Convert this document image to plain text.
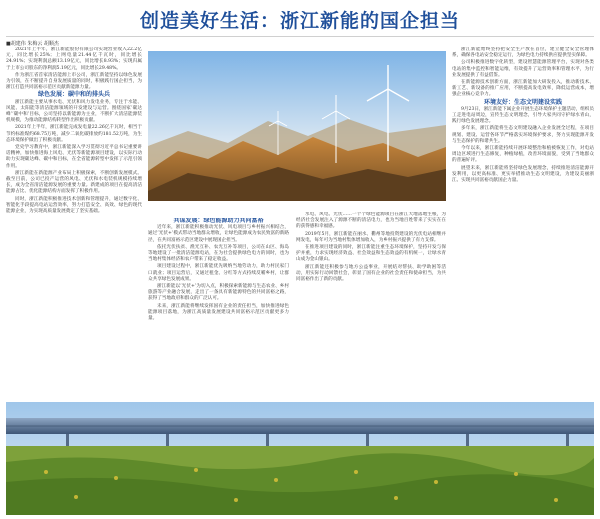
创造美好生活：浙江新能的国企担当
■胡建伟 朱梅云 胡顺杰

2021年上半年，浙江新能股份有限公司实现营业收入22.2亿元，同比增长25%；上网电量21.44亿千瓦时，同比增长24.91%；实现利润总额13.19亿元，同比增长8.93%；实现归属于上市公司股东的净利润5.19亿元，同比增长29.48%。

作为浙江省首家清洁能源上市公司，浙江新能坚持以绿色发展为引领，在不断提升自身发展质量的同时，积极践行国企担当，为浙江打造共同富裕示范区贡献新能源力量。

绿色发展：碳中和的排头兵

浙江新能主要从事水电、光伏和风力发电业务，专注于水能、风能、太阳能等清洁能源领域的开发建设与运营。围绕国家‘碳达峰’‘碳中和’目标，公司坚持以新能源为主业，不断扩大清洁能源装机规模，为推动能源结构转型作出积极贡献。

2021年上半年，浙江新能完成发电量22.26亿千瓦时，相当于节约标准煤约68.75万吨，减少二氧化碳排放约181.52万吨，为生态环境保护做出了积极贡献。

党史学习教育中，浙江新能深入学习贯彻习近平总书记重要讲话精神，加快推进海上风电、光伏等新能源项目建设，以实际行动助力实现碳达峰、碳中和目标，在全省能源转型中发挥了示范引领作用。

浙江新能在新能源产业布局上积极探索，不断创新发展模式。截至目前，公司已投产运营的风电、光伏和水电装机规模持续增长，成为全省清洁能源发展的重要力量。新建成的项目在提高清洁能源占比、优化能源结构方面发挥了积极作用。

同时，浙江新能积极推进技术创新和管理提升，通过数字化、智能化手段提高电站运营效率，努力打造安全、高效、绿色的现代能源企业，为实现高质量发展奠定了坚实基础。

共谋发展：绿色能源助力共同富裕

近年来，浙江新能积极推动光伏、风电项目与乡村振兴相结合，通过‘光伏+’模式带动当地群众增收，让绿色能源成为农民致富的新路径，在共同富裕示范区建设中展现国企担当。

依托光伏扶贫、渔光互补、农光互补等项目，公司在山区、海岛等地建设了一批清洁能源电站，在为社会提供绿色电力的同时，也为当地村集体经济和农户带来了稳定收益。

项目建设过程中，浙江新能优先吸纳当地劳动力，助力村民家门口就业；项目运营后，又通过租金、分红等方式持续反哺乡村，让群众共享绿色发展成果。

浙江新能以‘光伏+’为切入点，积极探索新能源与生态农业、乡村旅游等产业融合发展，走出了一条具有新能源特色的共同富裕之路，获得了当地政府和群众的广泛认可。

未来，浙江新能将继续发挥国有企业的责任担当，加快推进绿色能源项目落地，为浙江高质量发展建设共同富裕示范区贡献更多力量。

水电、风电、光伏……一个个绿色能源项目在浙江大地落地生根，为经济社会发展注入了源源不断的清洁电力，也为当地百姓带来了实实在在的获得感和幸福感。

2019年5月，浙江新能在丽水、衢州等地投资建设的光伏电站相继并网发电，每年可为当地村集体增加收入，为乡村振兴提供了有力支撑。

在推进项目建设的同时，浙江新能注重生态环境保护，坚持开发与保护并重，力求实现经济效益、社会效益和生态效益的有机统一，让绿水青山成为金山银山。

浙江新能还积极参与地方公益事业，开展结对帮扶、助学助困等活动，用实际行动回馈社会，彰显了国有企业的社会责任和使命担当，为共同富裕作出了新的贡献。

浙江新能始终坚持把安全生产放在首位，建立健全安全管理体系，确保各电站安全稳定运行，为绿色电力持续供应提供坚实保障。

公司积极推进数字化转型，建设智慧能源管理平台，实现对各类电站的集中监控和智能运维，有效提升了运营效率和管理水平，为行业发展提供了有益借鉴。

在新能源技术创新方面，浙江新能加大研发投入，推动新技术、新工艺、新设备的推广应用，不断提高发电效率，降低运营成本，增强企业核心竞争力。

环境友好：生态文明建设实践

9月23日，浙江新能下属企业开展生态环境保护主题活动，组织员工走进电站周边，宣传生态文明理念，引导大家共同守护绿水青山，践行绿色发展理念。

多年来，浙江新能将生态文明建设融入企业发展全过程，在项目规划、建设、运营各环节严格落实环境保护要求，努力实现能源开发与生态保护的和谐共生。

今年以来，浙江新能持续开展环境整治和植被恢复工作，对电站周边区域进行生态修复，种植绿植，改善环境面貌，受到了当地群众的普遍好评。

展望未来，浙江新能将坚持绿色发展理念，持续推进清洁能源开发利用，以更高标准、更实举措推动生态文明建设，为建设美丽浙江、实现共同富裕贡献国企力量。
